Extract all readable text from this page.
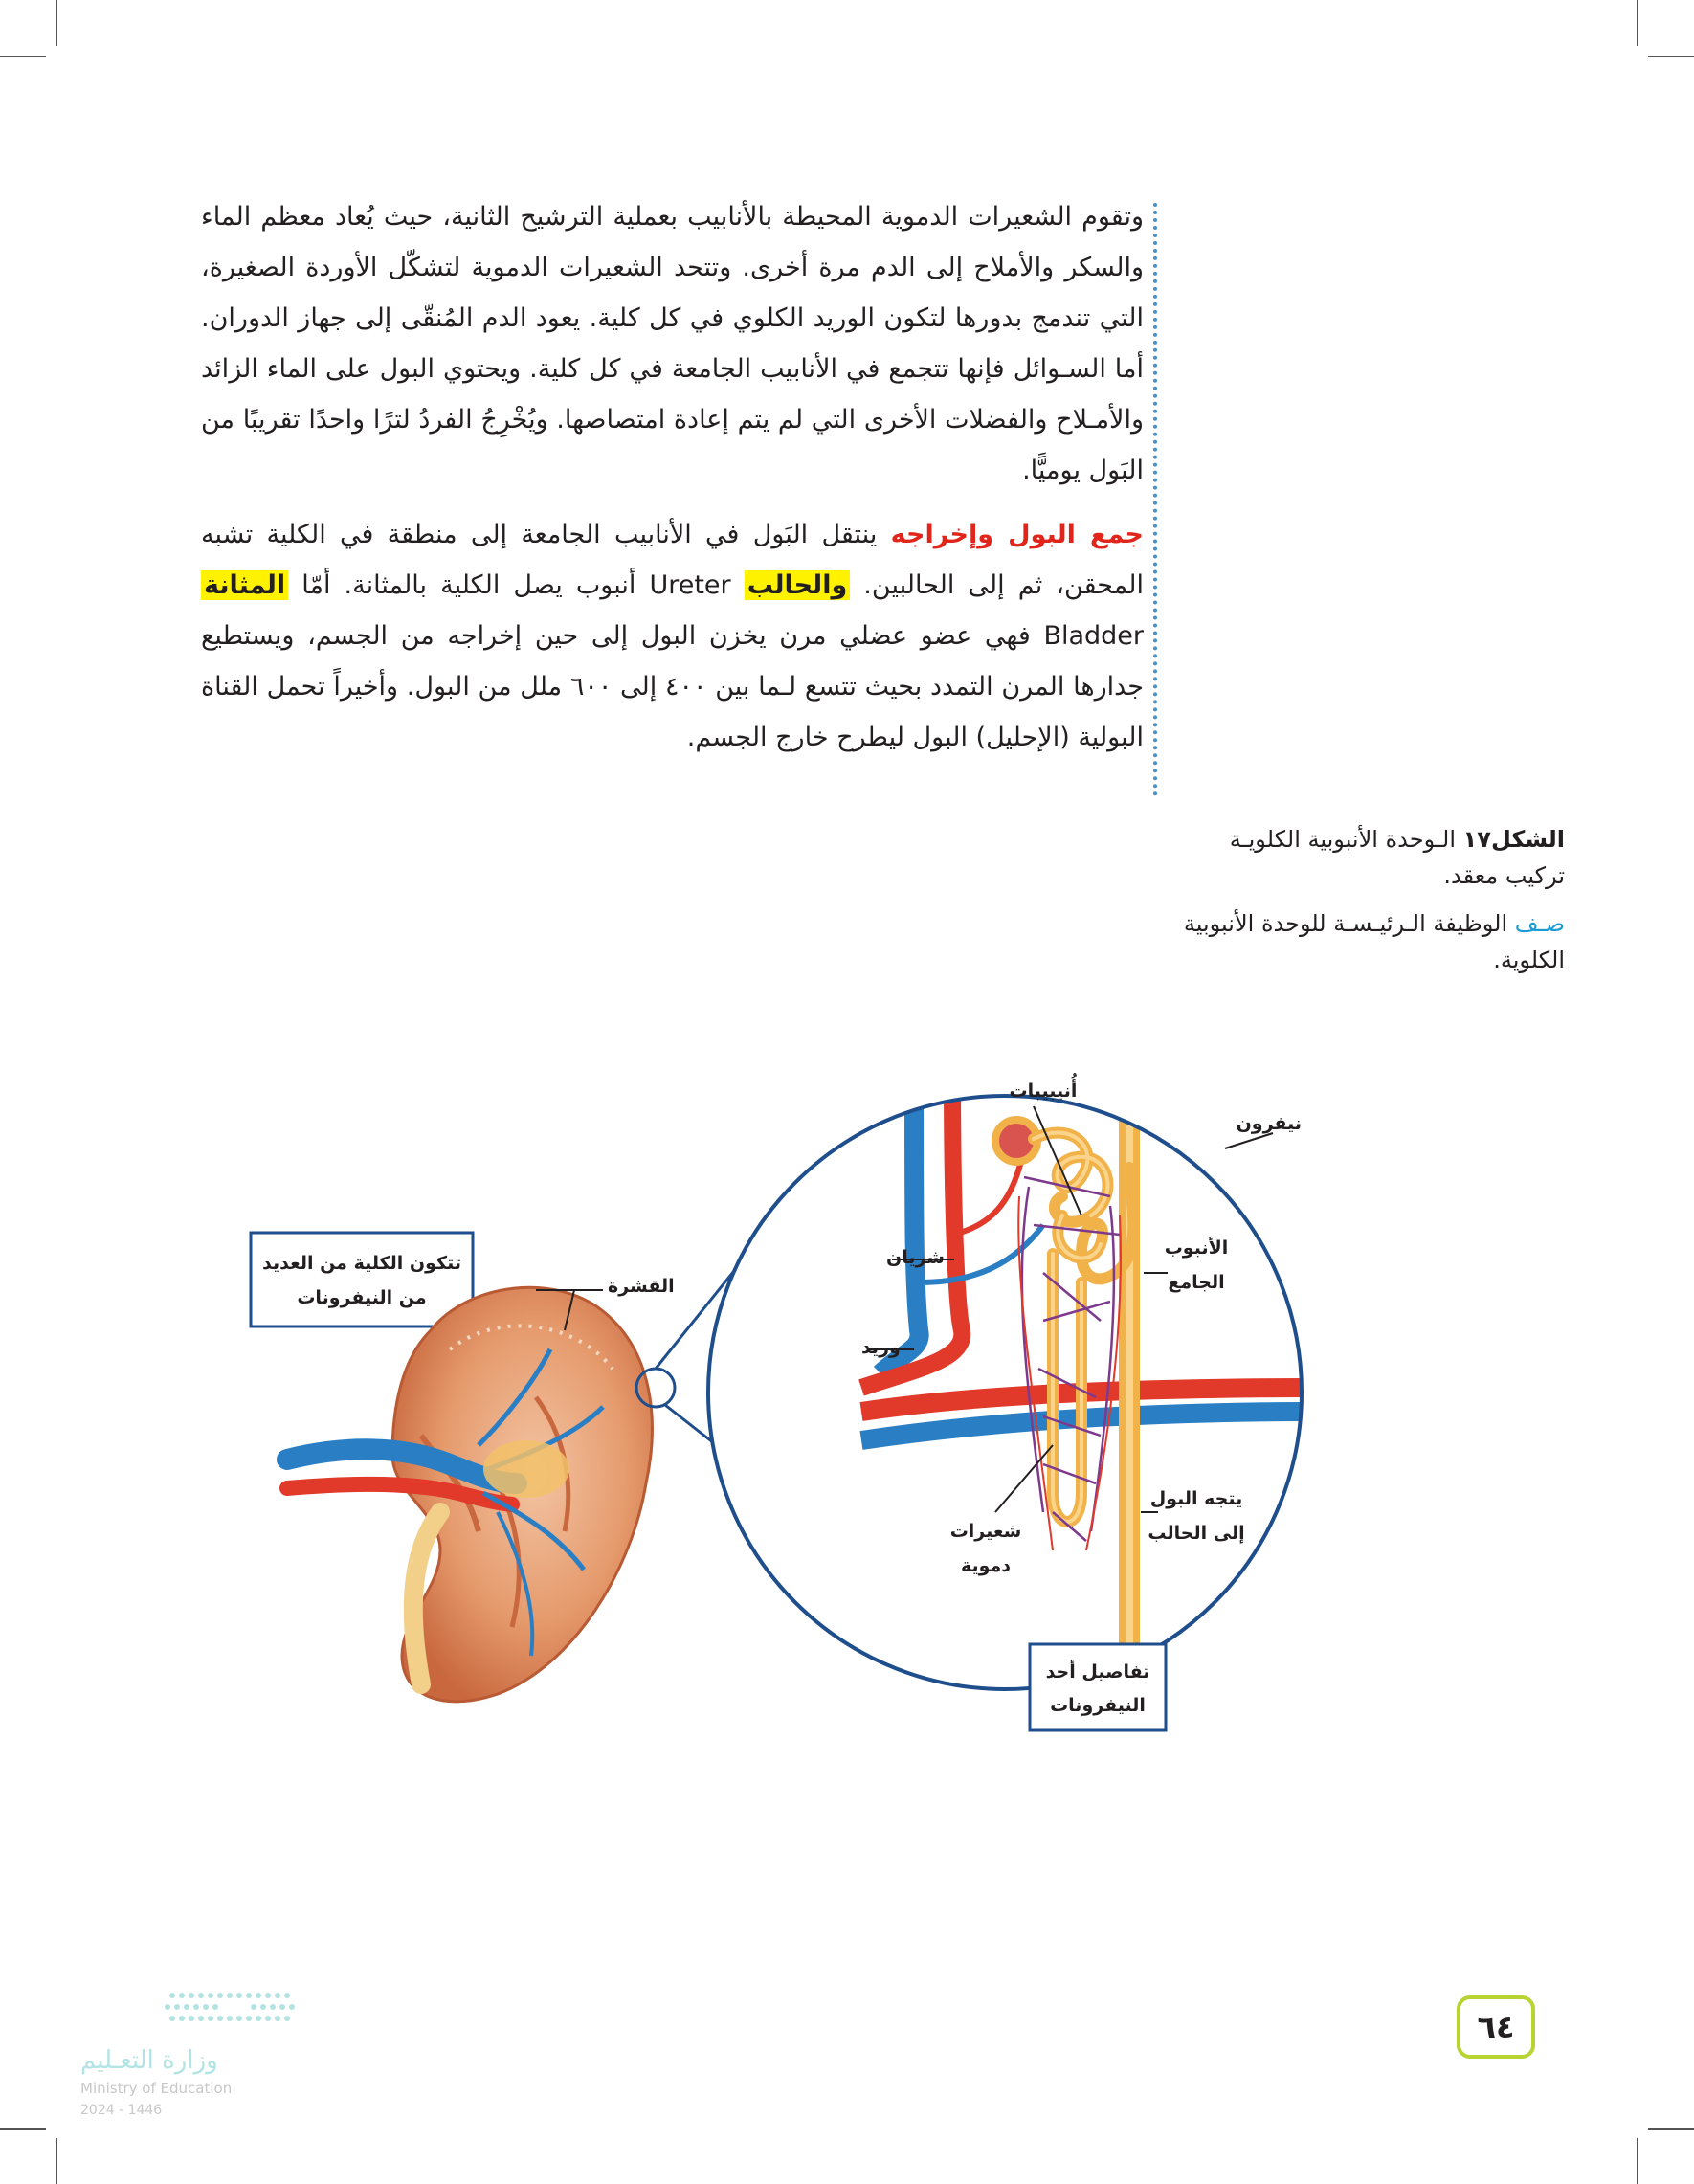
وتقوم الشعيرات الدموية المحيطة بالأنابيب بعملية الترشيح الثانية، حيث يُعاد معظم الماء والسكر والأملاح إلى الدم مرة أخرى. وتتحد الشعيرات الدموية لتشكّل الأوردة الصغيرة، التي تندمج بدورها لتكون الوريد الكلوي في كل كلية. يعود الدم المُنقّى إلى جهاز الدوران. أما السـوائل فإنها تتجمع في الأنابيب الجامعة في كل كلية. ويحتوي البول على الماء الزائد والأمـلاح والفضلات الأخرى التي لم يتم إعادة امتصاصها. ويُخْرِجُ الفردُ لترًا واحدًا تقريبًا من البَول يوميًّا.

جمع البول وإخراجه ينتقل البَول في الأنابيب الجامعة إلى منطقة في الكلية تشبه المحقن، ثم إلى الحالبين. والحالب Ureter أنبوب يصل الكلية بالمثانة. أمّا المثانة Bladder فهي عضو عضلي مرن يخزن البول إلى حين إخراجه من الجسم، ويستطيع جدارها المرن التمدد بحيث تتسع لـما بين ٤٠٠ إلى ٦٠٠ ملل من البول. وأخيراً تحمل القناة البولية (الإحليل) البول ليطرح خارج الجسم.

الشكل١٧ الـوحدة الأنبوبية الكلويـة تركيب معقد.

صـف الوظيفة الـرئيـسـة للوحدة الأنبوبية الكلوية.

تتكون الكلية من العديد
من النيفرونات
القشرة
أُنيبيبات
نيفرون
شريان
وريد
الأنبوب
الجامع
يتجه البول
إلى الحالب
شعيرات
دموية
تفاصيل أحد
النيفرونات
٦٤
وزارة التعـليم
Ministry of Education
2024 - 1446
